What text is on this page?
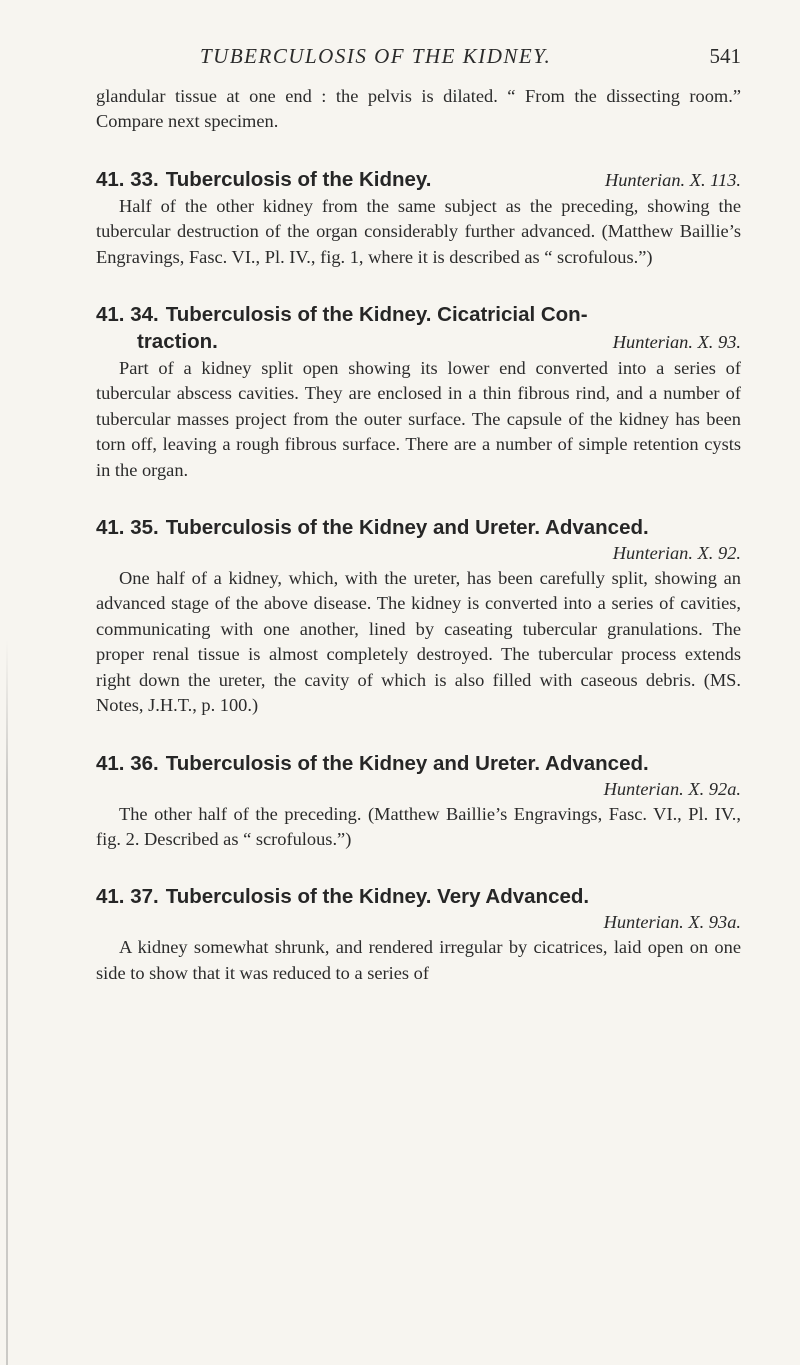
TUBERCULOSIS OF THE KIDNEY.	541

glandular tissue at one end : the pelvis is dilated. “ From the dissecting room.” Compare next specimen.

Hunterian. X. 113.
41. 33. Tuberculosis of the Kidney.

Half of the other kidney from the same subject as the preceding, showing the tubercular destruction of the organ considerably further advanced. (Matthew Baillie’s Engravings, Fasc. VI., Pl. IV., fig. 1, where it is described as “ scrofulous.”)

41. 34. Tuberculosis of the Kidney. Cicatricial Con-
Hunterian. X. 93.
traction.

Part of a kidney split open showing its lower end converted into a series of tubercular abscess cavities. They are enclosed in a thin fibrous rind, and a number of tubercular masses project from the outer surface. The capsule of the kidney has been torn off, leaving a rough fibrous surface. There are a number of simple retention cysts in the organ.

41. 35. Tuberculosis of the Kidney and Ureter. Advanced.
Hunterian. X. 92.

One half of a kidney, which, with the ureter, has been carefully split, showing an advanced stage of the above disease. The kidney is converted into a series of cavities, communicating with one another, lined by caseating tubercular granulations. The proper renal tissue is almost completely destroyed. The tubercular process extends right down the ureter, the cavity of which is also filled with caseous debris. (MS. Notes, J.H.T., p. 100.)

41. 36. Tuberculosis of the Kidney and Ureter. Advanced.
Hunterian. X. 92a.

The other half of the preceding. (Matthew Baillie’s Engravings, Fasc. VI., Pl. IV., fig. 2. Described as “ scrofulous.”)

41. 37. Tuberculosis of the Kidney. Very Advanced.
Hunterian. X. 93a.

A kidney somewhat shrunk, and rendered irregular by cicatrices, laid open on one side to show that it was reduced to a series of
